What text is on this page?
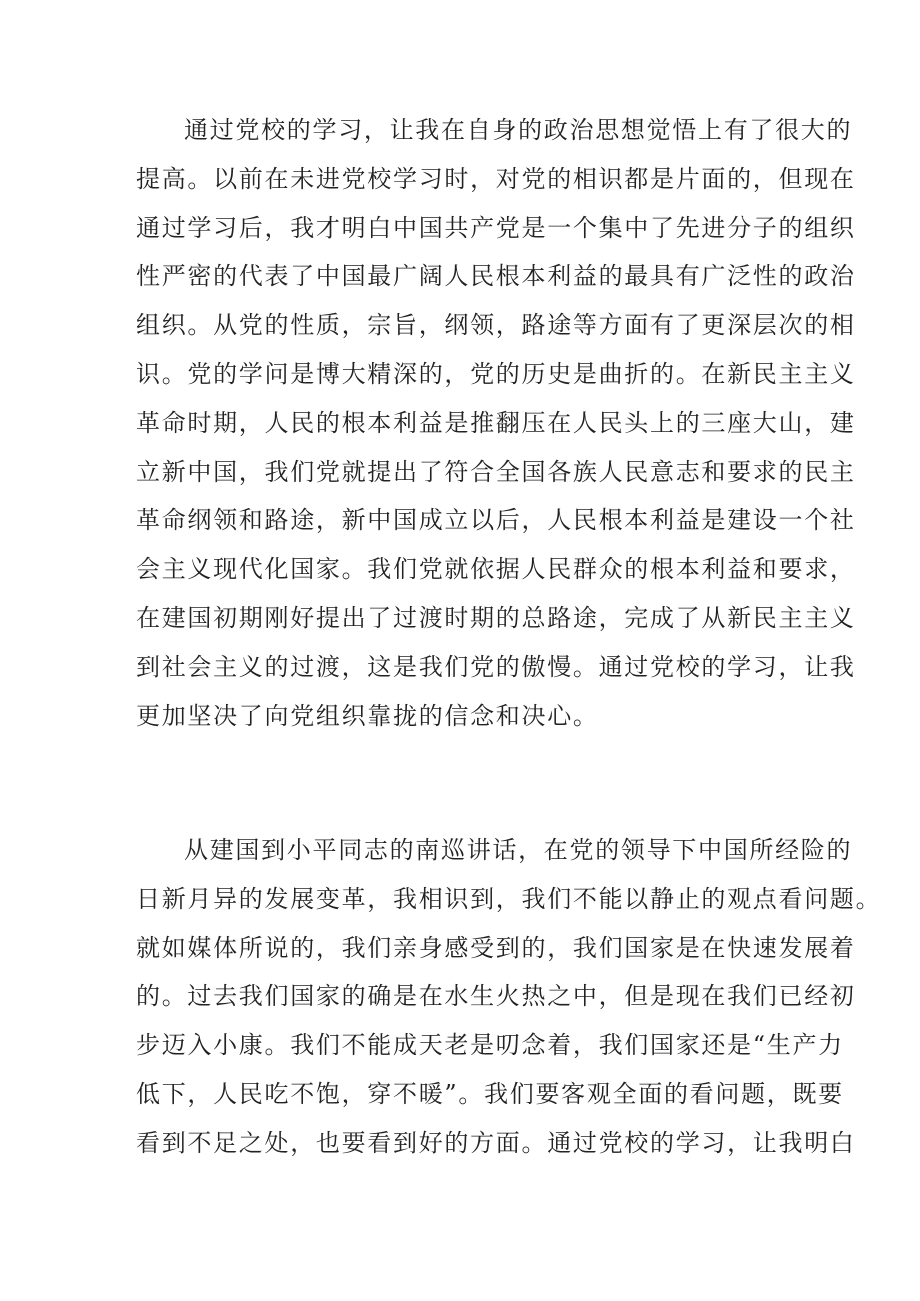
通过党校的学习，让我在自身的政治思想觉悟上有了很大的
提高。以前在未进党校学习时，对党的相识都是片面的，但现在
通过学习后，我才明白中国共产党是一个集中了先进分子的组织
性严密的代表了中国最广阔人民根本利益的最具有广泛性的政治
组织。从党的性质，宗旨，纲领，路途等方面有了更深层次的相
识。党的学问是博大精深的，党的历史是曲折的。在新民主主义
革命时期，人民的根本利益是推翻压在人民头上的三座大山，建
立新中国，我们党就提出了符合全国各族人民意志和要求的民主
革命纲领和路途，新中国成立以后，人民根本利益是建设一个社
会主义现代化国家。我们党就依据人民群众的根本利益和要求，
在建国初期刚好提出了过渡时期的总路途，完成了从新民主主义
到社会主义的过渡，这是我们党的傲慢。通过党校的学习，让我
更加坚决了向党组织靠拢的信念和决心。
从建国到小平同志的南巡讲话，在党的领导下中国所经险的
日新月异的发展变革，我相识到，我们不能以静止的观点看问题。
就如媒体所说的，我们亲身感受到的，我们国家是在快速发展着
的。过去我们国家的确是在水生火热之中，但是现在我们已经初
步迈入小康。我们不能成天老是叨念着，我们国家还是“生产力
低下，人民吃不饱，穿不暖”。我们要客观全面的看问题，既要
看到不足之处，也要看到好的方面。通过党校的学习，让我明白
